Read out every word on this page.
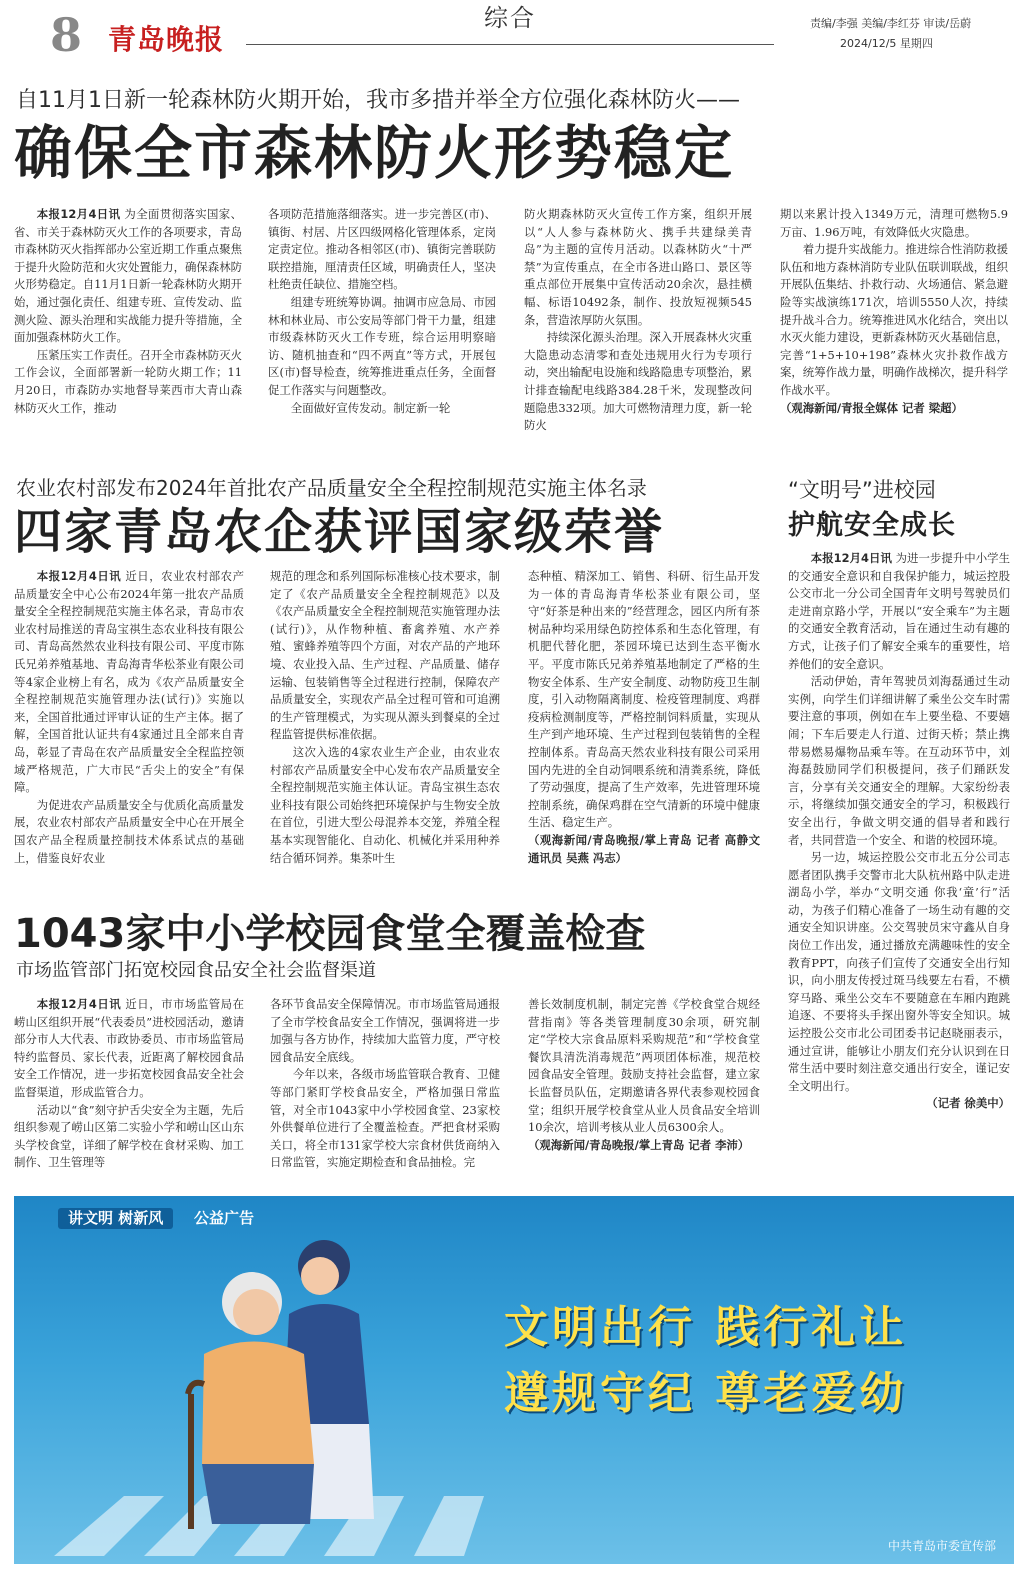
8 青岛晚报
综合	责编/李强 美编/李红芬 审读/岳蔚
2024/12/5 星期四
自11月1日新一轮森林防火期开始，我市多措并举全方位强化森林防火——
确保全市森林防火形势稳定

本报12月4日讯 为全面贯彻落实国家、省、市关于森林防灭火工作的各项要求，青岛市森林防灭火指挥部办公室近期工作重点聚焦于提升火险防范和火灾处置能力，确保森林防火形势稳定。自11月1日新一轮森林防火期开始，通过强化责任、组建专班、宣传发动、监测火险、源头治理和实战能力提升等措施，全面加强森林防火工作。

压紧压实工作责任。召开全市森林防灭火工作会议，全面部署新一轮防火期工作；11月20日，市森防办实地督导莱西市大青山森林防灭火工作，推动

各项防范措施落细落实。进一步完善区(市)、镇街、村居、片区四级网格化管理体系，定岗定责定位。推动各相邻区(市)、镇街完善联防联控措施，厘清责任区域，明确责任人，坚决杜绝责任缺位、措施空档。

组建专班统筹协调。抽调市应急局、市园林和林业局、市公安局等部门骨干力量，组建市级森林防灭火工作专班，综合运用明察暗访、随机抽查和“四不两直”等方式，开展包区(市)督导检查，统筹推进重点任务，全面督促工作落实与问题整改。

全面做好宣传发动。制定新一轮

防火期森林防灭火宣传工作方案，组织开展以“人人参与森林防火、携手共建绿美青岛”为主题的宣传月活动。以森林防火“十严禁”为宣传重点，在全市各进山路口、景区等重点部位开展集中宣传活动20余次，悬挂横幅、标语10492条，制作、投放短视频545条，营造浓厚防火氛围。

持续深化源头治理。深入开展森林火灾重大隐患动态清零和查处违规用火行为专项行动，突出输配电设施和线路隐患专项整治，累计排查输配电线路384.28千米，发现整改问题隐患332项。加大可燃物清理力度，新一轮防火

期以来累计投入1349万元，清理可燃物5.9万亩、1.96万吨，有效降低火灾隐患。

着力提升实战能力。推进综合性消防救援队伍和地方森林消防专业队伍联训联战，组织开展队伍集结、扑救行动、火场通信、紧急避险等实战演练171次，培训5550人次，持续提升战斗合力。统筹推进风水化结合，突出以水灭火能力建设，更新森林防灭火基础信息，完善“1+5+10+198”森林火灾扑救作战方案，统筹作战力量，明确作战梯次，提升科学作战水平。

（观海新闻/青报全媒体 记者 梁超）

农业农村部发布2024年首批农产品质量安全全程控制规范实施主体名录
四家青岛农企获评国家级荣誉

本报12月4日讯 近日，农业农村部农产品质量安全中心公布2024年第一批农产品质量安全全程控制规范实施主体名录，青岛市农业农村局推送的青岛宝祺生态农业科技有限公司、青岛高然然农业科技有限公司、平度市陈氏兄弟养殖基地、青岛海青华松茶业有限公司等4家企业榜上有名，成为《农产品质量安全全程控制规范实施管理办法(试行)》实施以来，全国首批通过评审认证的生产主体。据了解，全国首批认证共有4家通过且全部来自青岛，彰显了青岛在农产品质量安全全程监控领域严格规范，广大市民“舌尖上的安全”有保障。

为促进农产品质量安全与优质化高质量发展，农业农村部农产品质量安全中心在开展全国农产品全程质量控制技术体系试点的基础上，借鉴良好农业

规范的理念和系列国际标准核心技术要求，制定了《农产品质量安全全程控制规范》以及《农产品质量安全全程控制规范实施管理办法(试行)》，从作物种植、畜禽养殖、水产养殖、蜜蜂养殖等四个方面，对农产品的产地环境、农业投入品、生产过程、产品质量、储存运输、包装销售等全过程进行控制，保障农产品质量安全，实现农产品全过程可管和可追溯的生产管理模式，为实现从源头到餐桌的全过程监管提供标准依据。

这次入选的4家农业生产企业，由农业农村部农产品质量安全中心发布农产品质量安全全程控制规范实施主体认证。青岛宝祺生态农业科技有限公司始终把环境保护与生物安全放在首位，引进大型公母混养本交笼，养殖全程基本实现智能化、自动化、机械化并采用种养结合循环饲养。集茶叶生

态种植、精深加工、销售、科研、衍生品开发为一体的青岛海青华松茶业有限公司，坚守“好茶是种出来的”经营理念，园区内所有茶树品种均采用绿色防控体系和生态化管理，有机肥代替化肥，茶园环境已达到生态平衡水平。平度市陈氏兄弟养殖基地制定了严格的生物安全体系、生产安全制度、动物防疫卫生制度，引入动物隔离制度、检疫管理制度、鸡群疫病检测制度等，严格控制饲料质量，实现从生产到产地环境、生产过程到包装销售的全程控制体系。青岛高天然农业科技有限公司采用国内先进的全自动饲喂系统和清粪系统，降低了劳动强度，提高了生产效率，先进管理环境控制系统，确保鸡群在空气清新的环境中健康生活、稳定生产。

（观海新闻/青岛晚报/掌上青岛 记者 高静文 通讯员 吴燕 冯志）

1043家中小学校园食堂全覆盖检查
市场监管部门拓宽校园食品安全社会监督渠道

本报12月4日讯 近日，市市场监管局在崂山区组织开展“代表委员”进校园活动，邀请部分市人大代表、市政协委员、市市场监管局特约监督员、家长代表，近距离了解校园食品安全工作情况，进一步拓宽校园食品安全社会监督渠道，形成监管合力。

活动以“食”刻守护舌尖安全为主题，先后组织参观了崂山区第二实验小学和崂山区山东头学校食堂，详细了解学校在食材采购、加工制作、卫生管理等

各环节食品安全保障情况。市市场监管局通报了全市学校食品安全工作情况，强调将进一步加强与各方协作，持续加大监管力度，严守校园食品安全底线。

今年以来，各级市场监管联合教育、卫健等部门紧盯学校食品安全，严格加强日常监管，对全市1043家中小学校园食堂、23家校外供餐单位进行了全覆盖检查。严把食材采购关口，将全市131家学校大宗食材供货商纳入日常监管，实施定期检查和食品抽检。完

善长效制度机制，制定完善《学校食堂合规经营指南》等各类管理制度30余项，研究制定“学校大宗食品原料采购规范”和“学校食堂餐饮具清洗消毒规范”两项团体标准，规范校园食品安全管理。鼓励支持社会监督，建立家长监督员队伍，定期邀请各界代表参观校园食堂；组织开展学校食堂从业人员食品安全培训10余次，培训考核从业人员6300余人。

（观海新闻/青岛晚报/掌上青岛 记者 李沛）

“文明号”进校园
护航安全成长

本报12月4日讯 为进一步提升中小学生的交通安全意识和自我保护能力，城运控股公交市北一分公司全国青年文明号驾驶员们走进南京路小学，开展以“安全乘车”为主题的交通安全教育活动，旨在通过生动有趣的方式，让孩子们了解安全乘车的重要性，培养他们的安全意识。

活动伊始，青年驾驶员刘海磊通过生动实例，向学生们详细讲解了乘坐公交车时需要注意的事项，例如在车上要坐稳、不要嬉闹；下车后要走人行道、过街天桥；禁止携带易燃易爆物品乘车等。在互动环节中，刘海磊鼓励同学们积极提问，孩子们踊跃发言，分享有关交通安全的理解。大家纷纷表示，将继续加强交通安全的学习，积极践行安全出行，争做文明交通的倡导者和践行者，共同营造一个安全、和谐的校园环境。

另一边，城运控股公交市北五分公司志愿者团队携手交警市北大队杭州路中队走进湖岛小学，举办“文明交通 你我‘童’行”活动，为孩子们精心准备了一场生动有趣的交通安全知识讲座。公交驾驶员宋守鑫从自身岗位工作出发，通过播放充满趣味性的安全教育PPT，向孩子们宣传了交通安全出行知识，向小朋友传授过斑马线要左右看，不横穿马路、乘坐公交车不要随意在车厢内跑跳追逐、不要将头手探出窗外等安全知识。城运控股公交市北公司团委书记赵晓丽表示，通过宣讲，能够让小朋友们充分认识到在日常生活中要时刻注意交通出行安全，谨记安全文明出行。

（记者 徐美中）

讲文明 树新风	公益广告
文明出行 践行礼让
遵规守纪 尊老爱幼
中共青岛市委宣传部
